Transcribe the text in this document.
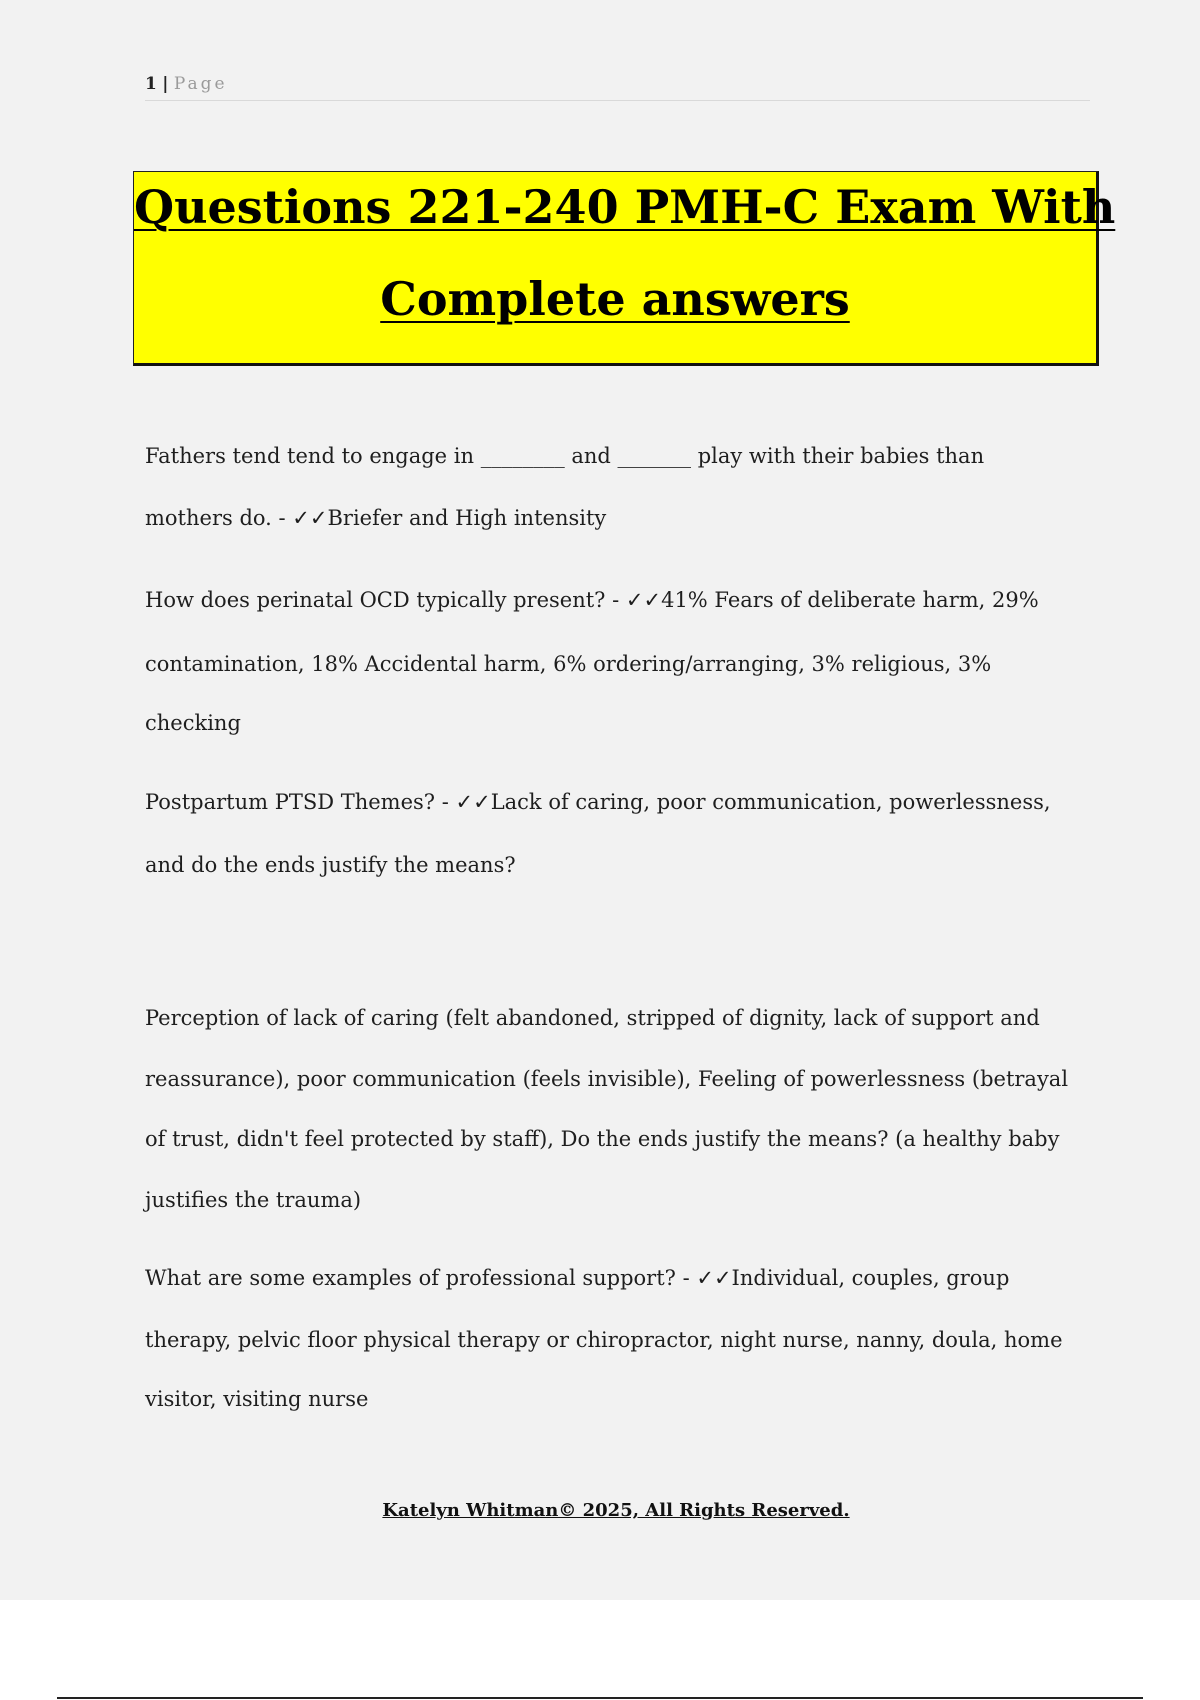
1 | Page
Questions 221-240 PMH-C Exam With
Complete answers
Fathers tend tend to engage in ________ and _______ play with their babies than
mothers do. - ✓✓Briefer and High intensity
How does perinatal OCD typically present? - ✓✓41% Fears of deliberate harm, 29%
contamination, 18% Accidental harm, 6% ordering/arranging, 3% religious, 3%
checking
Postpartum PTSD Themes? - ✓✓Lack of caring, poor communication, powerlessness,
and do the ends justify the means?
Perception of lack of caring (felt abandoned, stripped of dignity, lack of support and
reassurance), poor communication (feels invisible), Feeling of powerlessness (betrayal
of trust, didn't feel protected by staff), Do the ends justify the means? (a healthy baby
justifies the trauma)
What are some examples of professional support? - ✓✓Individual, couples, group
therapy, pelvic floor physical therapy or chiropractor, night nurse, nanny, doula, home
visitor, visiting nurse
Katelyn Whitman© 2025, All Rights Reserved.
